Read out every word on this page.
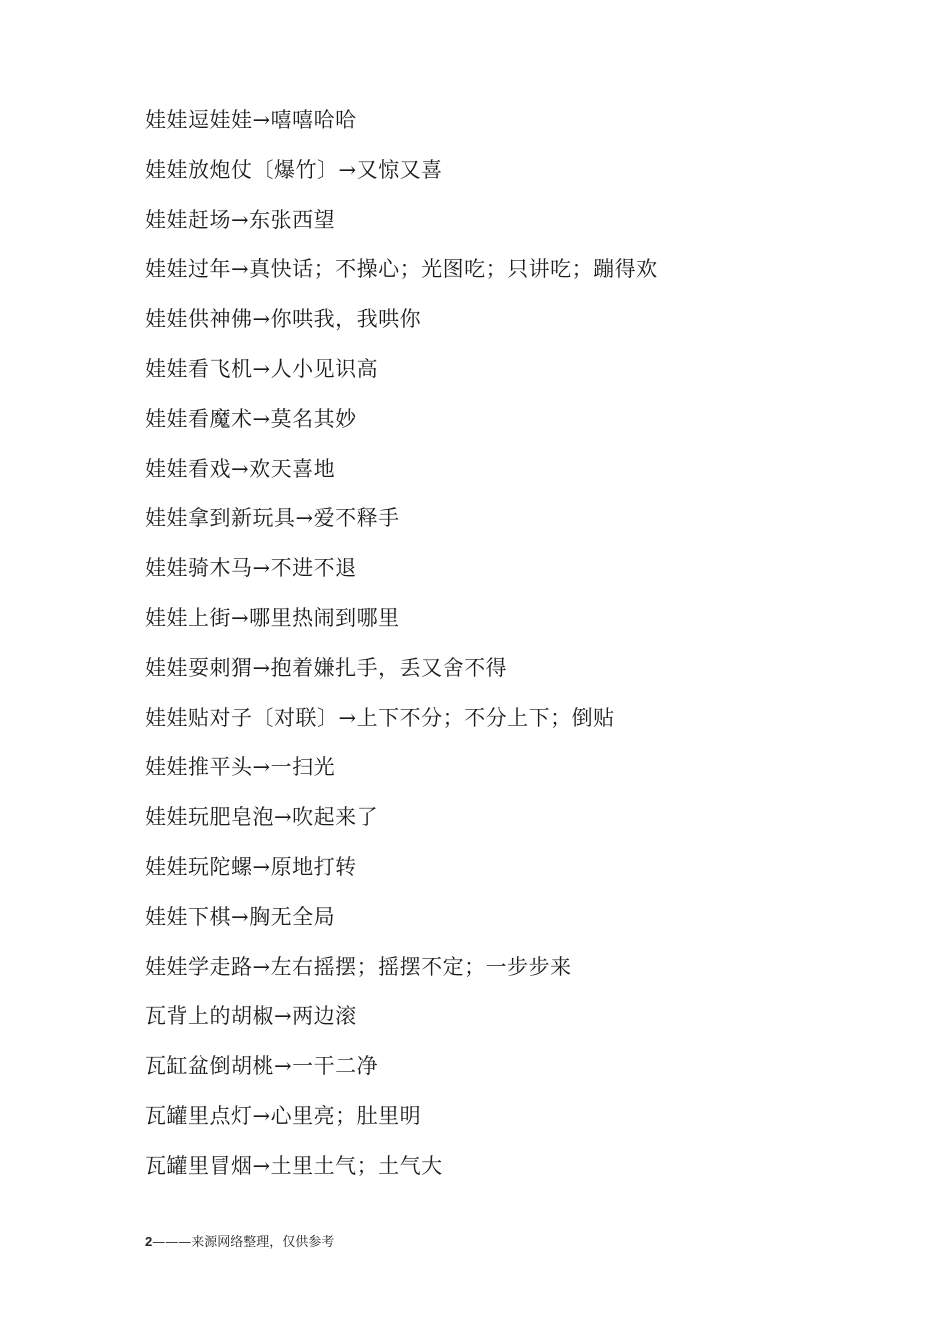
娃娃逗娃娃→嘻嘻哈哈
娃娃放炮仗〔爆竹〕→又惊又喜
娃娃赶场→东张西望
娃娃过年→真快话；不操心；光图吃；只讲吃；蹦得欢
娃娃供神佛→你哄我，我哄你
娃娃看飞机→人小见识高
娃娃看魔术→莫名其妙
娃娃看戏→欢天喜地
娃娃拿到新玩具→爱不释手
娃娃骑木马→不进不退
娃娃上街→哪里热闹到哪里
娃娃耍刺猬→抱着嫌扎手，丢又舍不得
娃娃贴对子〔对联〕→上下不分；不分上下；倒贴
娃娃推平头→一扫光
娃娃玩肥皂泡→吹起来了
娃娃玩陀螺→原地打转
娃娃下棋→胸无全局
娃娃学走路→左右摇摆；摇摆不定；一步步来
瓦背上的胡椒→两边滚
瓦缸盆倒胡桃→一干二净
瓦罐里点灯→心里亮；肚里明
瓦罐里冒烟→土里土气；土气大
2———来源网络整理，仅供参考
